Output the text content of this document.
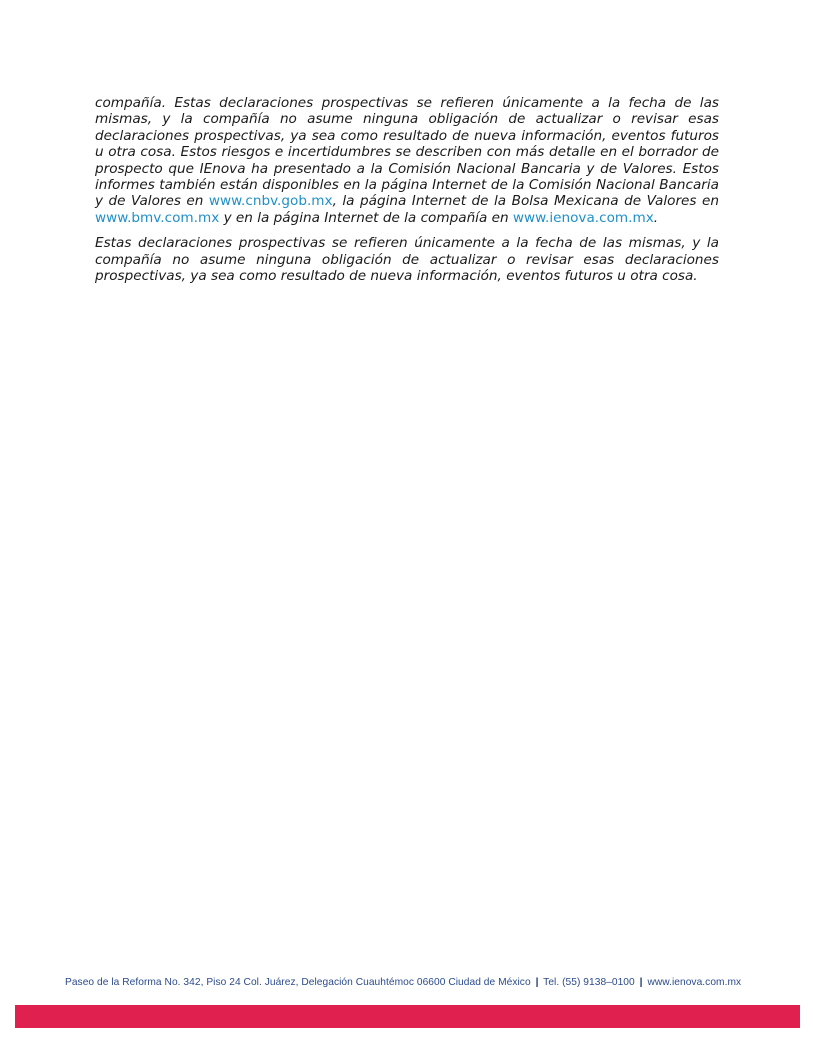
compañía. Estas declaraciones prospectivas se refieren únicamente a la fecha de las mismas, y la compañía no asume ninguna obligación de actualizar o revisar esas declaraciones prospectivas, ya sea como resultado de nueva información, eventos futuros u otra cosa. Estos riesgos e incertidumbres se describen con más detalle en el borrador de prospecto que IEnova ha presentado a la Comisión Nacional Bancaria y de Valores. Estos informes también están disponibles en la página Internet de la Comisión Nacional Bancaria y de Valores en www.cnbv.gob.mx, la página Internet de la Bolsa Mexicana de Valores en www.bmv.com.mx y en la página Internet de la compañía en www.ienova.com.mx.

Estas declaraciones prospectivas se refieren únicamente a la fecha de las mismas, y la compañía no asume ninguna obligación de actualizar o revisar esas declaraciones prospectivas, ya sea como resultado de nueva información, eventos futuros u otra cosa.

Paseo de la Reforma No. 342, Piso 24 Col. Juárez, Delegación Cuauhtémoc 06600 Ciudad de México | Tel. (55) 9138–0100 | www.ienova.com.mx
